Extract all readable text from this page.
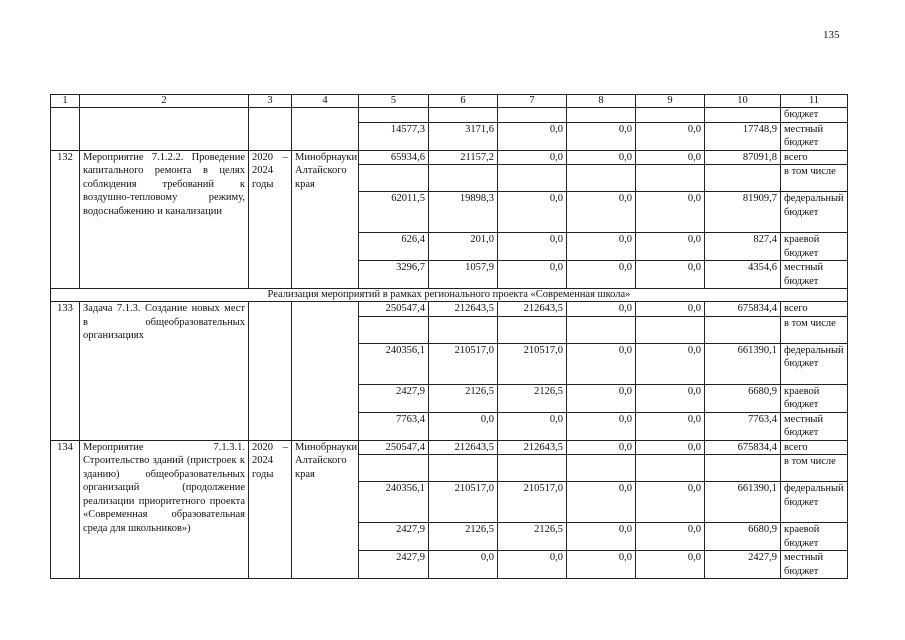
135
1	2	3	4	5	6	7	8	9	10	11
										бюджет
				14577,3	3171,6	0,0	0,0	0,0	17748,9	местный бюджет
132	Мероприятие 7.1.2.2. Проведение капитального ремонта в целях соблюдения требований к воздушно-тепловому режиму, водоснабжению и канализации	2020 – 2024 годы	Минобрнауки Алтайского края	65934,6	21157,2	0,0	0,0	0,0	87091,8	всего
										в том числе
				62011,5	19898,3	0,0	0,0	0,0	81909,7	федеральный бюджет
				626,4	201,0	0,0	0,0	0,0	827,4	краевой бюджет
				3296,7	1057,9	0,0	0,0	0,0	4354,6	местный бюджет
Реализация мероприятий в рамках регионального проекта «Современная школа»										
133	Задача 7.1.3. Создание новых мест в общеобразовательных организациях			250547,4	212643,5	212643,5	0,0	0,0	675834,4	всего
										в том числе
				240356,1	210517,0	210517,0	0,0	0,0	661390,1	федеральный бюджет
				2427,9	2126,5	2126,5	0,0	0,0	6680,9	краевой бюджет
				7763,4	0,0	0,0	0,0	0,0	7763,4	местный бюджет
134	Мероприятие 7.1.3.1. Строительство зданий (пристроек к зданию) общеобразовательных организаций (продолжение реализации приоритетного проекта «Современная образовательная среда для школьников»)	2020 – 2024 годы	Минобрнауки Алтайского края	250547,4	212643,5	212643,5	0,0	0,0	675834,4	всего
										в том числе
				240356,1	210517,0	210517,0	0,0	0,0	661390,1	федеральный бюджет
				2427,9	2126,5	2126,5	0,0	0,0	6680,9	краевой бюджет
				2427,9	0,0	0,0	0,0	0,0	2427,9	местный бюджет
